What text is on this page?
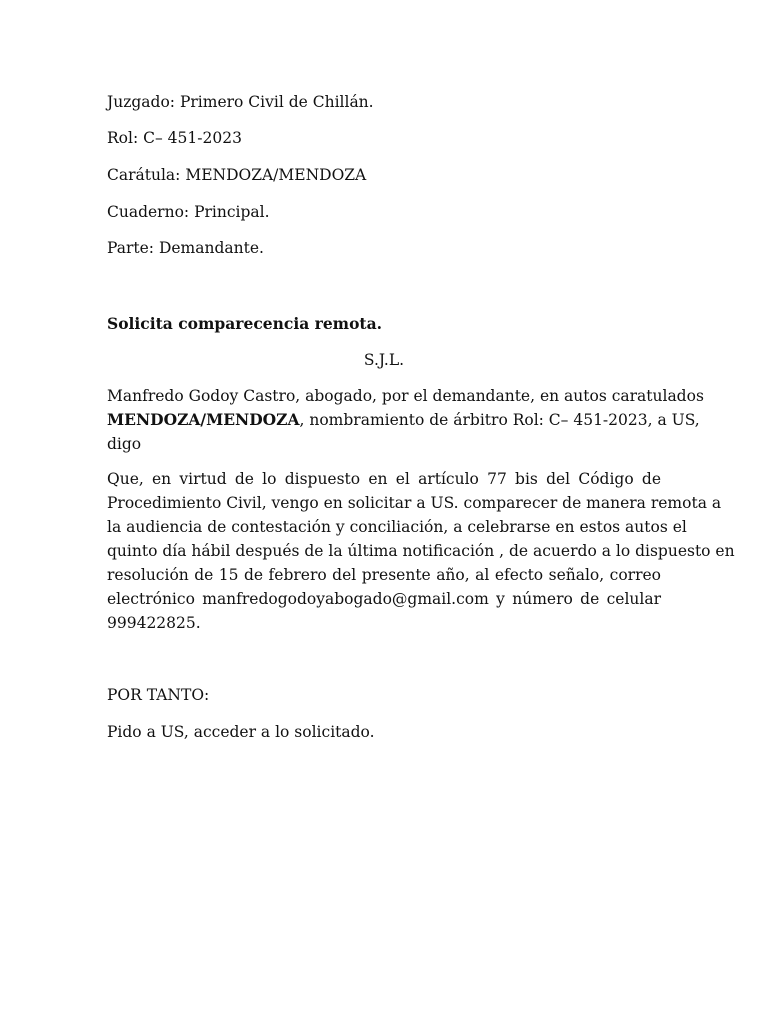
Juzgado: Primero Civil de Chillán.
Rol: C– 451-2023
Carátula: MENDOZA/MENDOZA
Cuaderno: Principal.
Parte: Demandante.
Solicita comparecencia remota.
S.J.L.
Manfredo Godoy Castro, abogado, por el demandante, en autos caratulados
MENDOZA/MENDOZA, nombramiento de árbitro Rol: C– 451-2023, a US,
digo
Que, en virtud de lo dispuesto en el artículo 77 bis del Código de
Procedimiento Civil, vengo en solicitar a US. comparecer de manera remota a
la audiencia de contestación y conciliación, a celebrarse en estos autos el
quinto día hábil después de la última notificación , de acuerdo a lo dispuesto en
resolución de 15 de febrero del presente año, al efecto señalo, correo
electrónico manfredogodoyabogado@gmail.com y número de celular
999422825.
POR TANTO:
Pido a US, acceder a lo solicitado.
